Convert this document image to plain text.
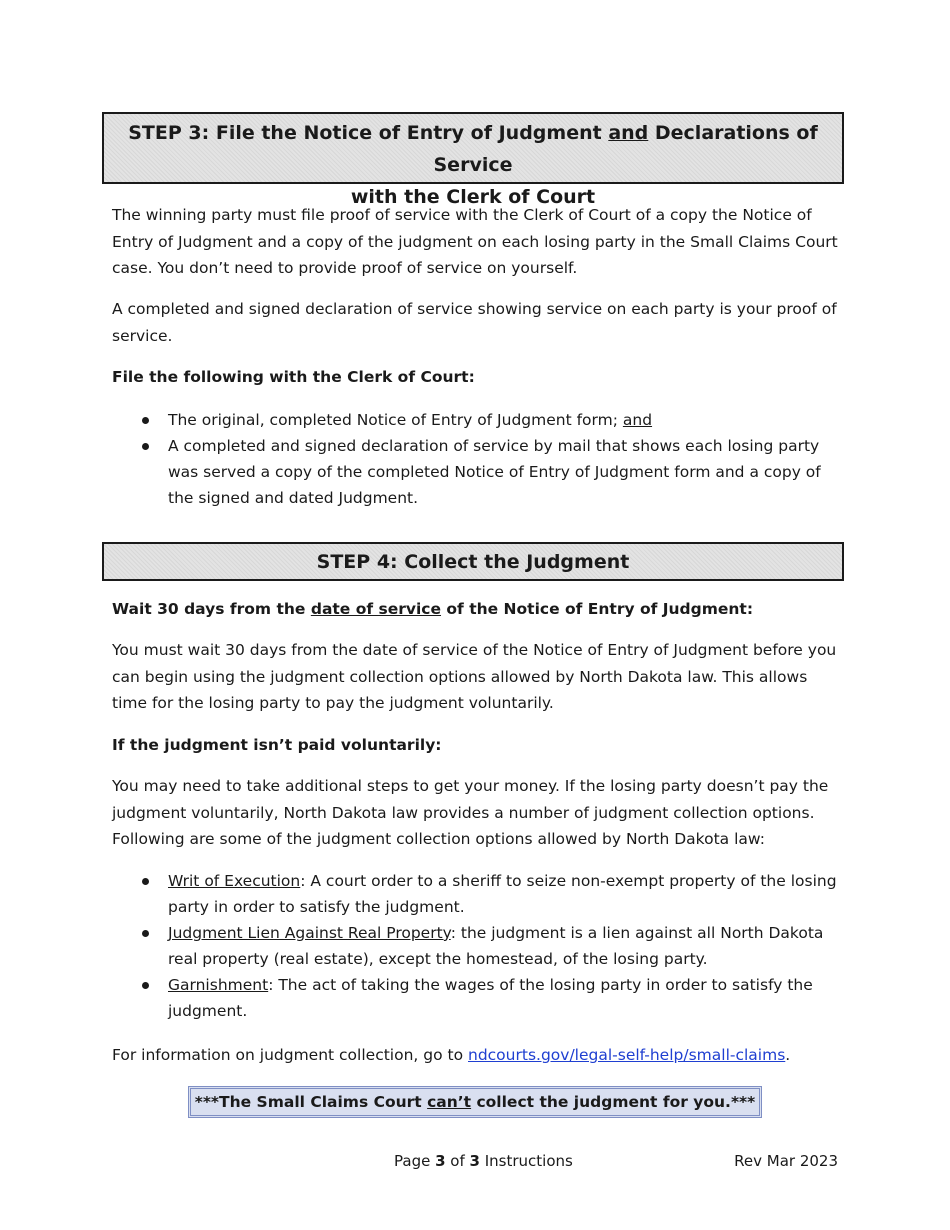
STEP 3: File the Notice of Entry of Judgment and Declarations of Service
with the Clerk of Court

The winning party must file proof of service with the Clerk of Court of a copy the Notice of Entry of Judgment and a copy of the judgment on each losing party in the Small Claims Court case. You don’t need to provide proof of service on yourself.

A completed and signed declaration of service showing service on each party is your proof of service.

File the following with the Clerk of Court:

The original, completed Notice of Entry of Judgment form; and
A completed and signed declaration of service by mail that shows each losing party was served a copy of the completed Notice of Entry of Judgment form and a copy of the signed and dated Judgment.
STEP 4: Collect the Judgment

Wait 30 days from the date of service of the Notice of Entry of Judgment:

You must wait 30 days from the date of service of the Notice of Entry of Judgment before you can begin using the judgment collection options allowed by North Dakota law. This allows time for the losing party to pay the judgment voluntarily.

If the judgment isn’t paid voluntarily:

You may need to take additional steps to get your money. If the losing party doesn’t pay the judgment voluntarily, North Dakota law provides a number of judgment collection options. Following are some of the judgment collection options allowed by North Dakota law:

Writ of Execution: A court order to a sheriff to seize non-exempt property of the losing party in order to satisfy the judgment.
Judgment Lien Against Real Property: the judgment is a lien against all North Dakota real property (real estate), except the homestead, of the losing party.
Garnishment: The act of taking the wages of the losing party in order to satisfy the judgment.

For information on judgment collection, go to ndcourts.gov/legal-self-help/small-claims.

***The Small Claims Court can’t collect the judgment for you.***
Page 3 of 3 Instructions	Rev Mar 2023
